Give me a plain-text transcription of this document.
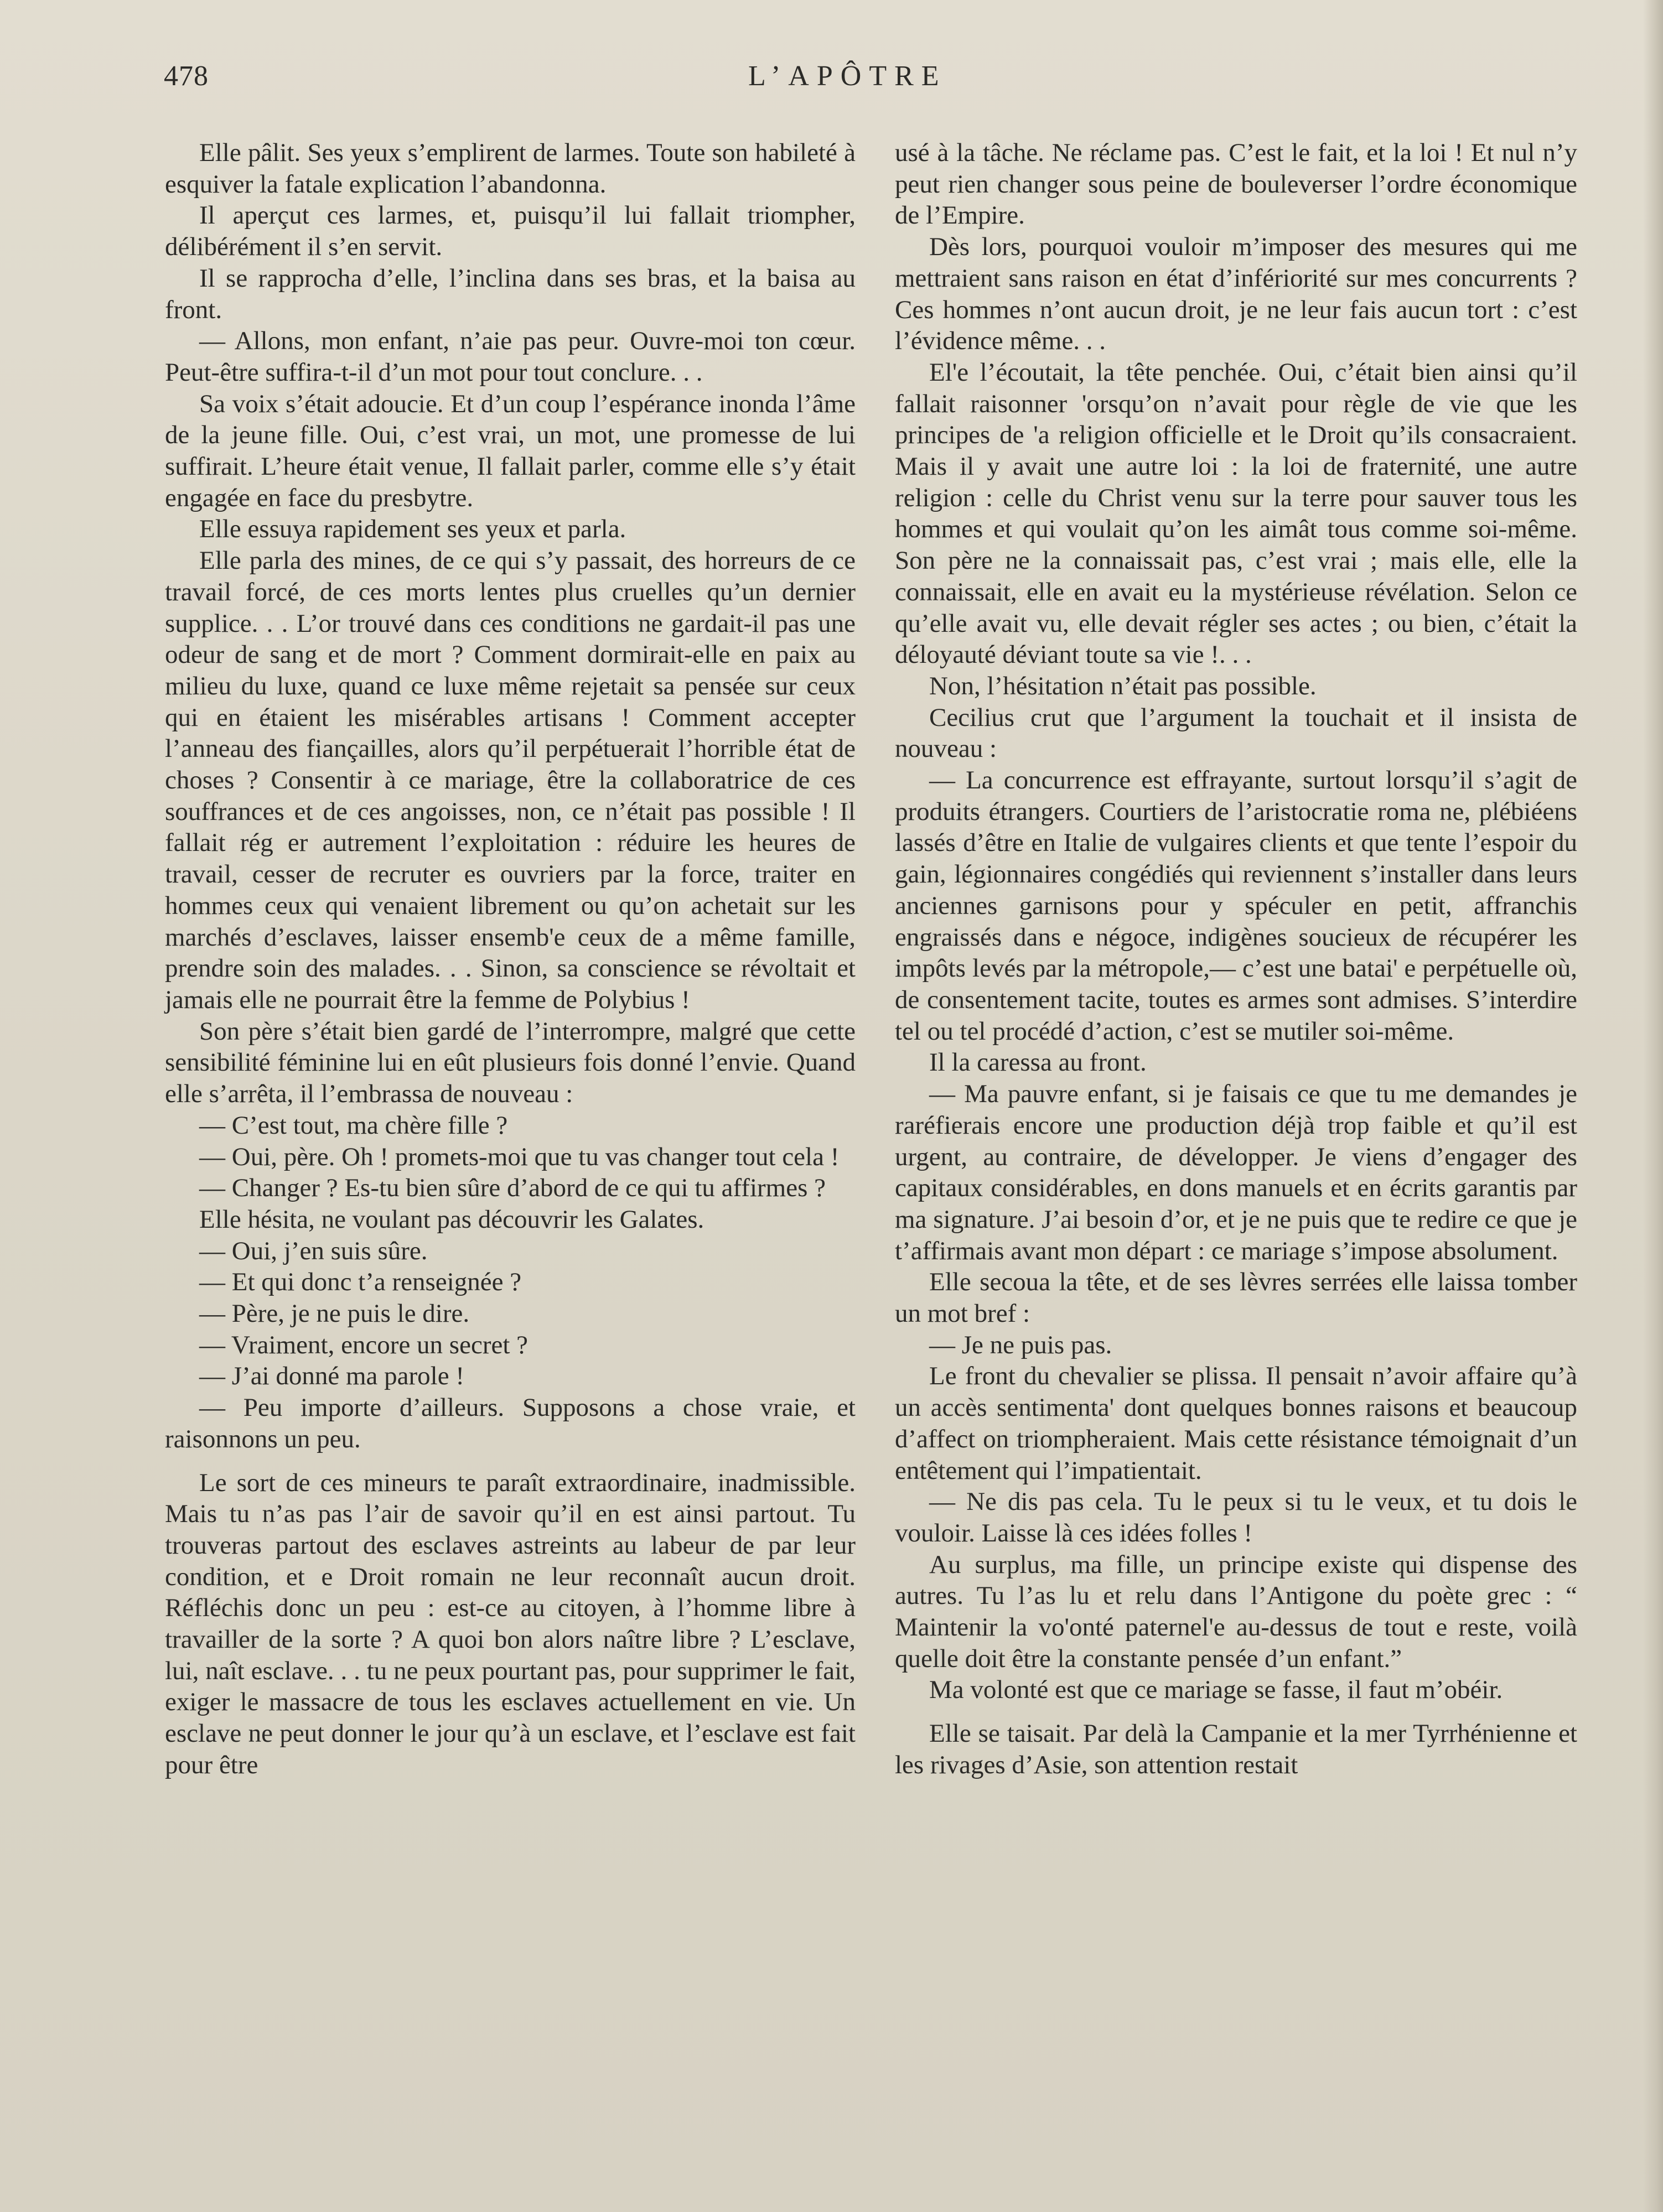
478	L’APÔTRE

Elle pâlit. Ses yeux s’emplirent de larmes. Toute son habileté à esquiver la fatale explication l’abandonna.

Il aperçut ces larmes, et, puisqu’il lui fallait triompher, délibérément il s’en servit.

Il se rapprocha d’elle, l’inclina dans ses bras, et la baisa au front.

— Allons, mon enfant, n’aie pas peur. Ouvre-moi ton cœur. Peut-être suffira-t-il d’un mot pour tout conclure. . .

Sa voix s’était adoucie. Et d’un coup l’espérance inonda l’âme de la jeune fille. Oui, c’est vrai, un mot, une promesse de lui suffirait. L’heure était venue, Il fallait parler, comme elle s’y était engagée en face du presbytre.

Elle essuya rapidement ses yeux et parla.

Elle parla des mines, de ce qui s’y passait, des horreurs de ce travail forcé, de ces morts lentes plus cruelles qu’un dernier supplice. . . L’or trouvé dans ces conditions ne gardait-il pas une odeur de sang et de mort ? Comment dormirait-elle en paix au milieu du luxe, quand ce luxe même rejetait sa pensée sur ceux qui en étaient les misérables artisans ! Comment accepter l’anneau des fiançailles, alors qu’il perpétuerait l’horrible état de choses ? Consentir à ce mariage, être la collaboratrice de ces souffrances et de ces angoisses, non, ce n’était pas possible ! Il fallait rég er autrement l’exploitation : réduire les heures de travail, cesser de recruter es ouvriers par la force, traiter en hommes ceux qui venaient librement ou qu’on achetait sur les marchés d’esclaves, laisser ensemb'e ceux de a même famille, prendre soin des malades. . . Sinon, sa conscience se révoltait et jamais elle ne pourrait être la femme de Polybius !

Son père s’était bien gardé de l’interrompre, malgré que cette sensibilité féminine lui en eût plusieurs fois donné l’envie. Quand elle s’arrêta, il l’embrassa de nouveau :

— C’est tout, ma chère fille ?

— Oui, père. Oh ! promets-moi que tu vas changer tout cela !

— Changer ? Es-tu bien sûre d’abord de ce qui tu affirmes ?

Elle hésita, ne voulant pas découvrir les Galates.

— Oui, j’en suis sûre.

— Et qui donc t’a renseignée ?

— Père, je ne puis le dire.

— Vraiment, encore un secret ?

— J’ai donné ma parole !

— Peu importe d’ailleurs. Supposons a chose vraie, et raisonnons un peu.

Le sort de ces mineurs te paraît extraordinaire, inadmissible. Mais tu n’as pas l’air de savoir qu’il en est ainsi partout. Tu trouveras partout des esclaves astreints au labeur de par leur condition, et e Droit romain ne leur reconnaît aucun droit. Réfléchis donc un peu : est-ce au citoyen, à l’homme libre à travailler de la sorte ? A quoi bon alors naître libre ? L’esclave, lui, naît esclave. . . tu ne peux pourtant pas, pour supprimer le fait, exiger le massacre de tous les esclaves actuellement en vie. Un esclave ne peut donner le jour qu’à un esclave, et l’esclave est fait pour être

usé à la tâche. Ne réclame pas. C’est le fait, et la loi ! Et nul n’y peut rien changer sous peine de bouleverser l’ordre économique de l’Empire.

Dès lors, pourquoi vouloir m’imposer des mesures qui me mettraient sans raison en état d’infériorité sur mes concurrents ? Ces hommes n’ont aucun droit, je ne leur fais aucun tort : c’est l’évidence même. . .

El'e l’écoutait, la tête penchée. Oui, c’était bien ainsi qu’il fallait raisonner 'orsqu’on n’avait pour règle de vie que les principes de 'a religion officielle et le Droit qu’ils consacraient. Mais il y avait une autre loi : la loi de fraternité, une autre religion : celle du Christ venu sur la terre pour sauver tous les hommes et qui voulait qu’on les aimât tous comme soi-même. Son père ne la connaissait pas, c’est vrai ; mais elle, elle la connaissait, elle en avait eu la mystérieuse révélation. Selon ce qu’elle avait vu, elle devait régler ses actes ; ou bien, c’était la déloyauté déviant toute sa vie !. . .

Non, l’hésitation n’était pas possible.

Cecilius crut que l’argument la touchait et il insista de nouveau :

— La concurrence est effrayante, surtout lorsqu’il s’agit de produits étrangers. Courtiers de l’aristocratie roma ne, plébiéens lassés d’être en Italie de vulgaires clients et que tente l’espoir du gain, légionnaires congédiés qui reviennent s’installer dans leurs anciennes garnisons pour y spéculer en petit, affranchis engraissés dans e négoce, indigènes soucieux de récupérer les impôts levés par la métropole,— c’est une batai' e perpétuelle où, de consentement tacite, toutes es armes sont admises. S’interdire tel ou tel procédé d’action, c’est se mutiler soi-même.

Il la caressa au front.

— Ma pauvre enfant, si je faisais ce que tu me demandes je raréfierais encore une production déjà trop faible et qu’il est urgent, au contraire, de développer. Je viens d’engager des capitaux considérables, en dons manuels et en écrits garantis par ma signature. J’ai besoin d’or, et je ne puis que te redire ce que je t’affirmais avant mon départ : ce mariage s’impose absolument.

Elle secoua la tête, et de ses lèvres serrées elle laissa tomber un mot bref :

— Je ne puis pas.

Le front du chevalier se plissa. Il pensait n’avoir affaire qu’à un accès sentimenta' dont quelques bonnes raisons et beaucoup d’affect on triompheraient. Mais cette résistance témoignait d’un entêtement qui l’impatientait.

— Ne dis pas cela. Tu le peux si tu le veux, et tu dois le vouloir. Laisse là ces idées folles !

Au surplus, ma fille, un principe existe qui dispense des autres. Tu l’as lu et relu dans l’Antigone du poète grec : “ Maintenir la vo'onté paternel'e au-dessus de tout e reste, voilà quelle doit être la constante pensée d’un enfant.”

Ma volonté est que ce mariage se fasse, il faut m’obéir.

Elle se taisait. Par delà la Campanie et la mer Tyrrhénienne et les rivages d’Asie, son attention restait
